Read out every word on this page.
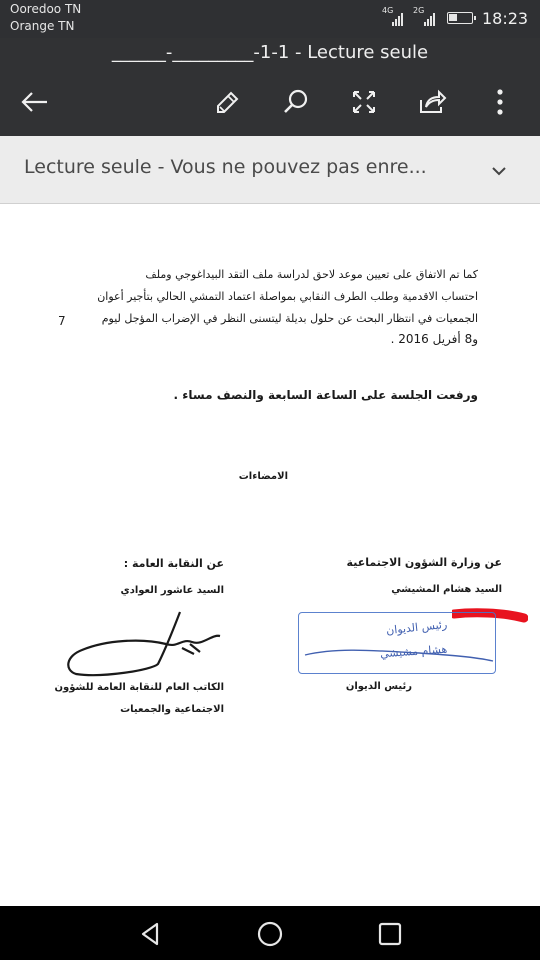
Ooredoo TN
Orange TN
4G 2G	18:23
______-_________-1-1 - Lecture seule
Lecture seule - Vous ne pouvez pas enre...
كما تم الاتفاق على تعيين موعد لاحق لدراسة ملف التقد البيداغوجي وملف
احتساب الاقدمية وطلب الطرف النقابي بمواصلة اعتماد التمشي الحالي بتأجير أعوان
الجمعيات في انتظار البحث عن حلول بديلة ليتسنى النظر في الإضراب المؤجل ليوم
و8 أفريل 2016 .
7
ورفعت الجلسة على الساعة السابعة والنصف مساء .
الامضاءات
عن النقابة العامة :
السيد عاشور العوادي
الكاتب العام للنقابة العامة للشؤون
الاجتماعية والجمعيات
عن وزارة الشؤون الاجتماعية
السيد هشام المشيشي
رئيس الديوان
هشام مشيشي
رئيس الديوان
